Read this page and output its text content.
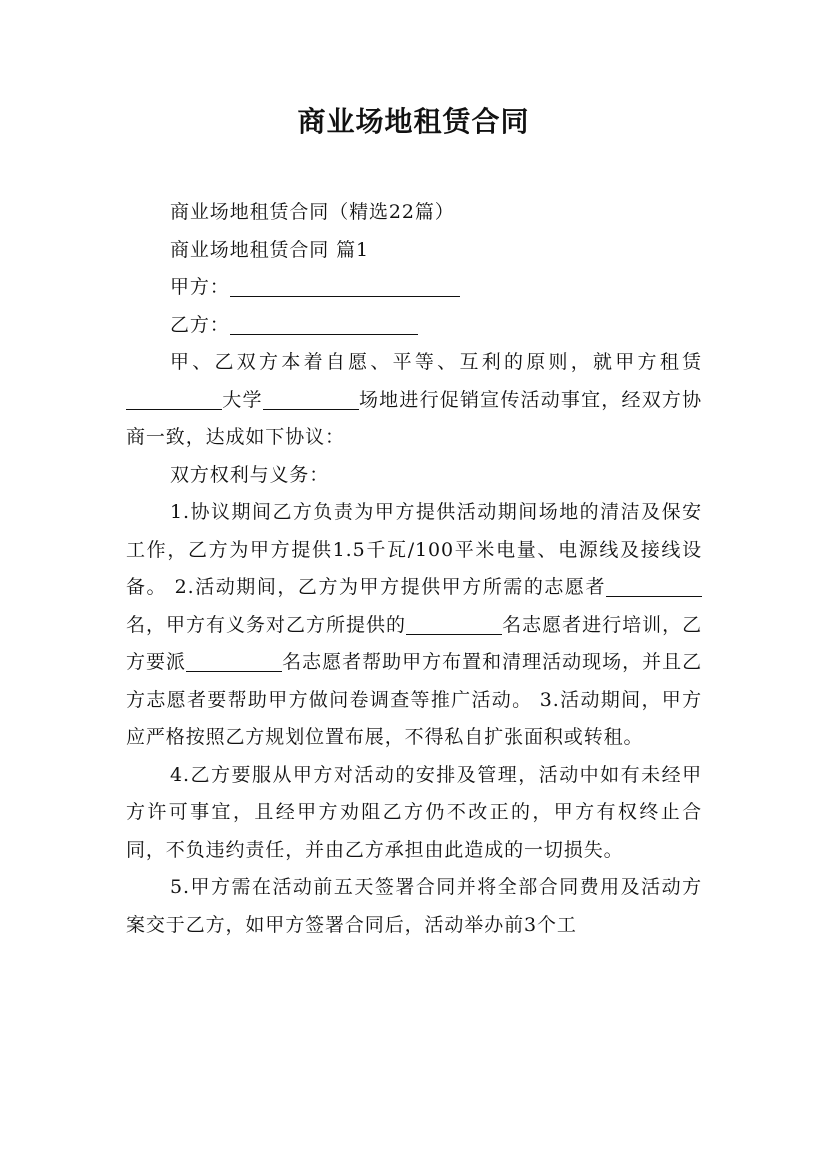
商业场地租赁合同

商业场地租赁合同（精选22篇）

商业场地租赁合同 篇1

甲方：

乙方：

甲、乙双方本着自愿、平等、互利的原则，就甲方租赁大学	场地进行促销宣传活动事宜，经双方协商一致，达成如下协议：

双方权利与义务：

1.协议期间乙方负责为甲方提供活动期间场地的清洁及保安工作，乙方为甲方提供1.5千瓦/100平米电量、电源线及接线设备。 2.活动期间，乙方为甲方提供甲方所需的志愿者名，甲方有义务对乙方所提供的	名志愿者进行培训，乙方要派	名志愿者帮助甲方布置和清理活动现场，并且乙方志愿者要帮助甲方做问卷调查等推广活动。 3.活动期间，甲方应严格按照乙方规划位置布展，不得私自扩张面积或转租。

4.乙方要服从甲方对活动的安排及管理，活动中如有未经甲方许可事宜，且经甲方劝阻乙方仍不改正的，甲方有权终止合同，不负违约责任，并由乙方承担由此造成的一切损失。

5.甲方需在活动前五天签署合同并将全部合同费用及活动方案交于乙方，如甲方签署合同后，活动举办前3个工
